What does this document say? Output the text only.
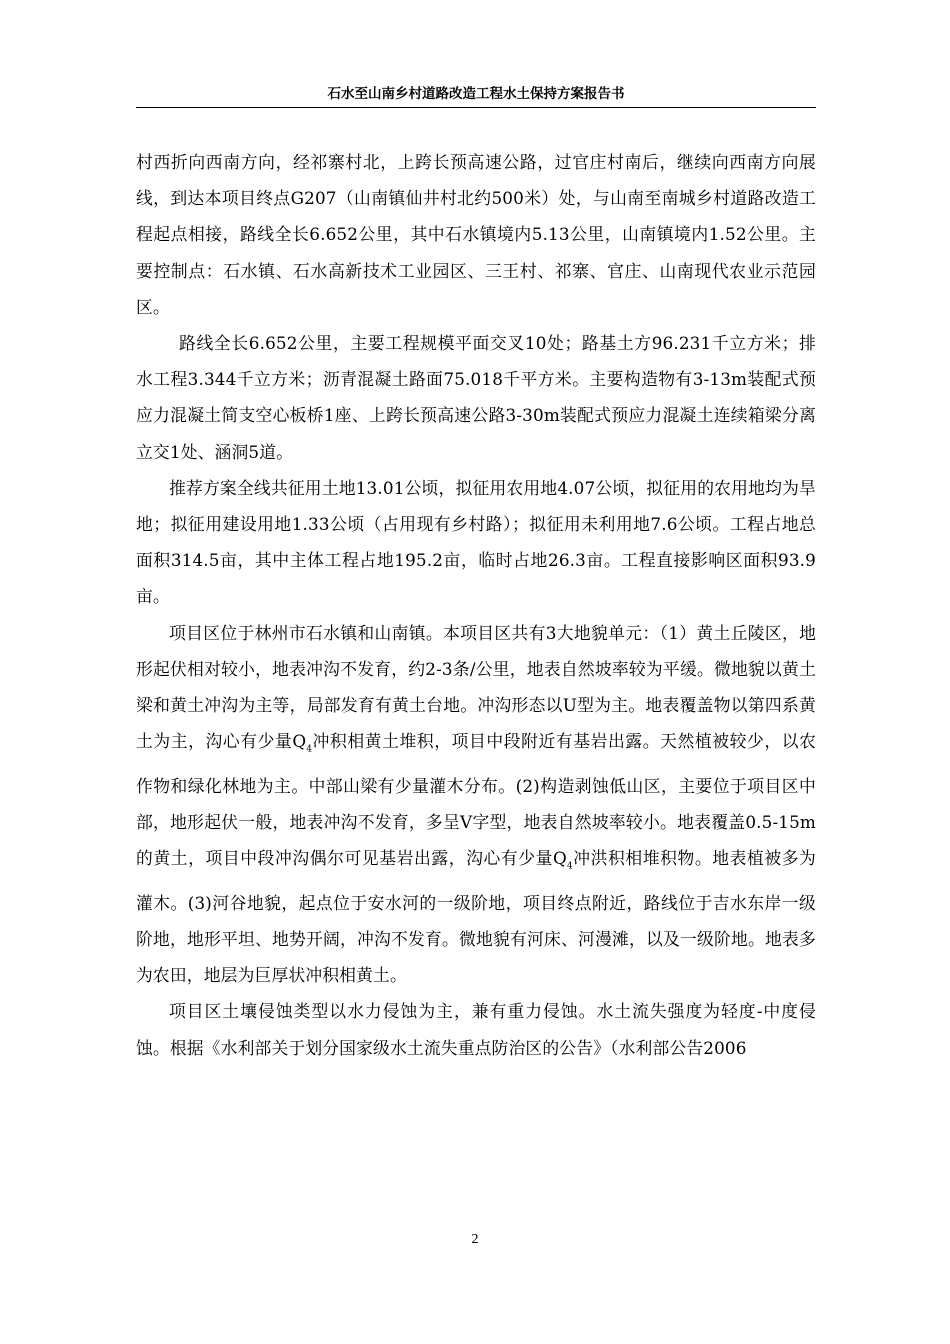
石水至山南乡村道路改造工程水土保持方案报告书

村西折向西南方向，经祁寨村北，上跨长预高速公路，过官庄村南后，继续向西南方向展线，到达本项目终点G207（山南镇仙井村北约500米）处，与山南至南城乡村道路改造工程起点相接，路线全长6.652公里，其中石水镇境内5.13公里，山南镇境内1.52公里。主要控制点：石水镇、石水高新技术工业园区、三王村、祁寨、官庄、山南现代农业示范园区。

路线全长6.652公里，主要工程规模平面交叉10处；路基土方96.231千立方米；排水工程3.344千立方米；沥青混凝土路面75.018千平方米。主要构造物有3-13m装配式预应力混凝土简支空心板桥1座、上跨长预高速公路3-30m装配式预应力混凝土连续箱梁分离立交1处、涵洞5道。

推荐方案全线共征用土地13.01公顷，拟征用农用地4.07公顷，拟征用的农用地均为旱地；拟征用建设用地1.33公顷（占用现有乡村路）；拟征用未利用地7.6公顷。工程占地总面积314.5亩，其中主体工程占地195.2亩，临时占地26.3亩。工程直接影响区面积93.9亩。

项目区位于林州市石水镇和山南镇。本项目区共有3大地貌单元：（1）黄土丘陵区，地形起伏相对较小，地表冲沟不发育，约2-3条/公里，地表自然坡率较为平缓。微地貌以黄土梁和黄土冲沟为主等，局部发育有黄土台地。冲沟形态以U型为主。地表覆盖物以第四系黄土为主，沟心有少量$Q_4$冲积相黄土堆积，项目中段附近有基岩出露。天然植被较少，以农作物和绿化林地为主。中部山梁有少量灌木分布。(2)构造剥蚀低山区，主要位于项目区中部，地形起伏一般，地表冲沟不发育，多呈V字型，地表自然坡率较小。地表覆盖0.5-15m的黄土，项目中段冲沟偶尔可见基岩出露，沟心有少量$Q_4$冲洪积相堆积物。地表植被多为灌木。(3)河谷地貌，起点位于安水河的一级阶地，项目终点附近，路线位于吉水东岸一级阶地，地形平坦、地势开阔，冲沟不发育。微地貌有河床、河漫滩，以及一级阶地。地表多为农田，地层为巨厚状冲积相黄土。

项目区土壤侵蚀类型以水力侵蚀为主，兼有重力侵蚀。水土流失强度为轻度-中度侵蚀。根据《水利部关于划分国家级水土流失重点防治区的公告》（水利部公告2006

2
